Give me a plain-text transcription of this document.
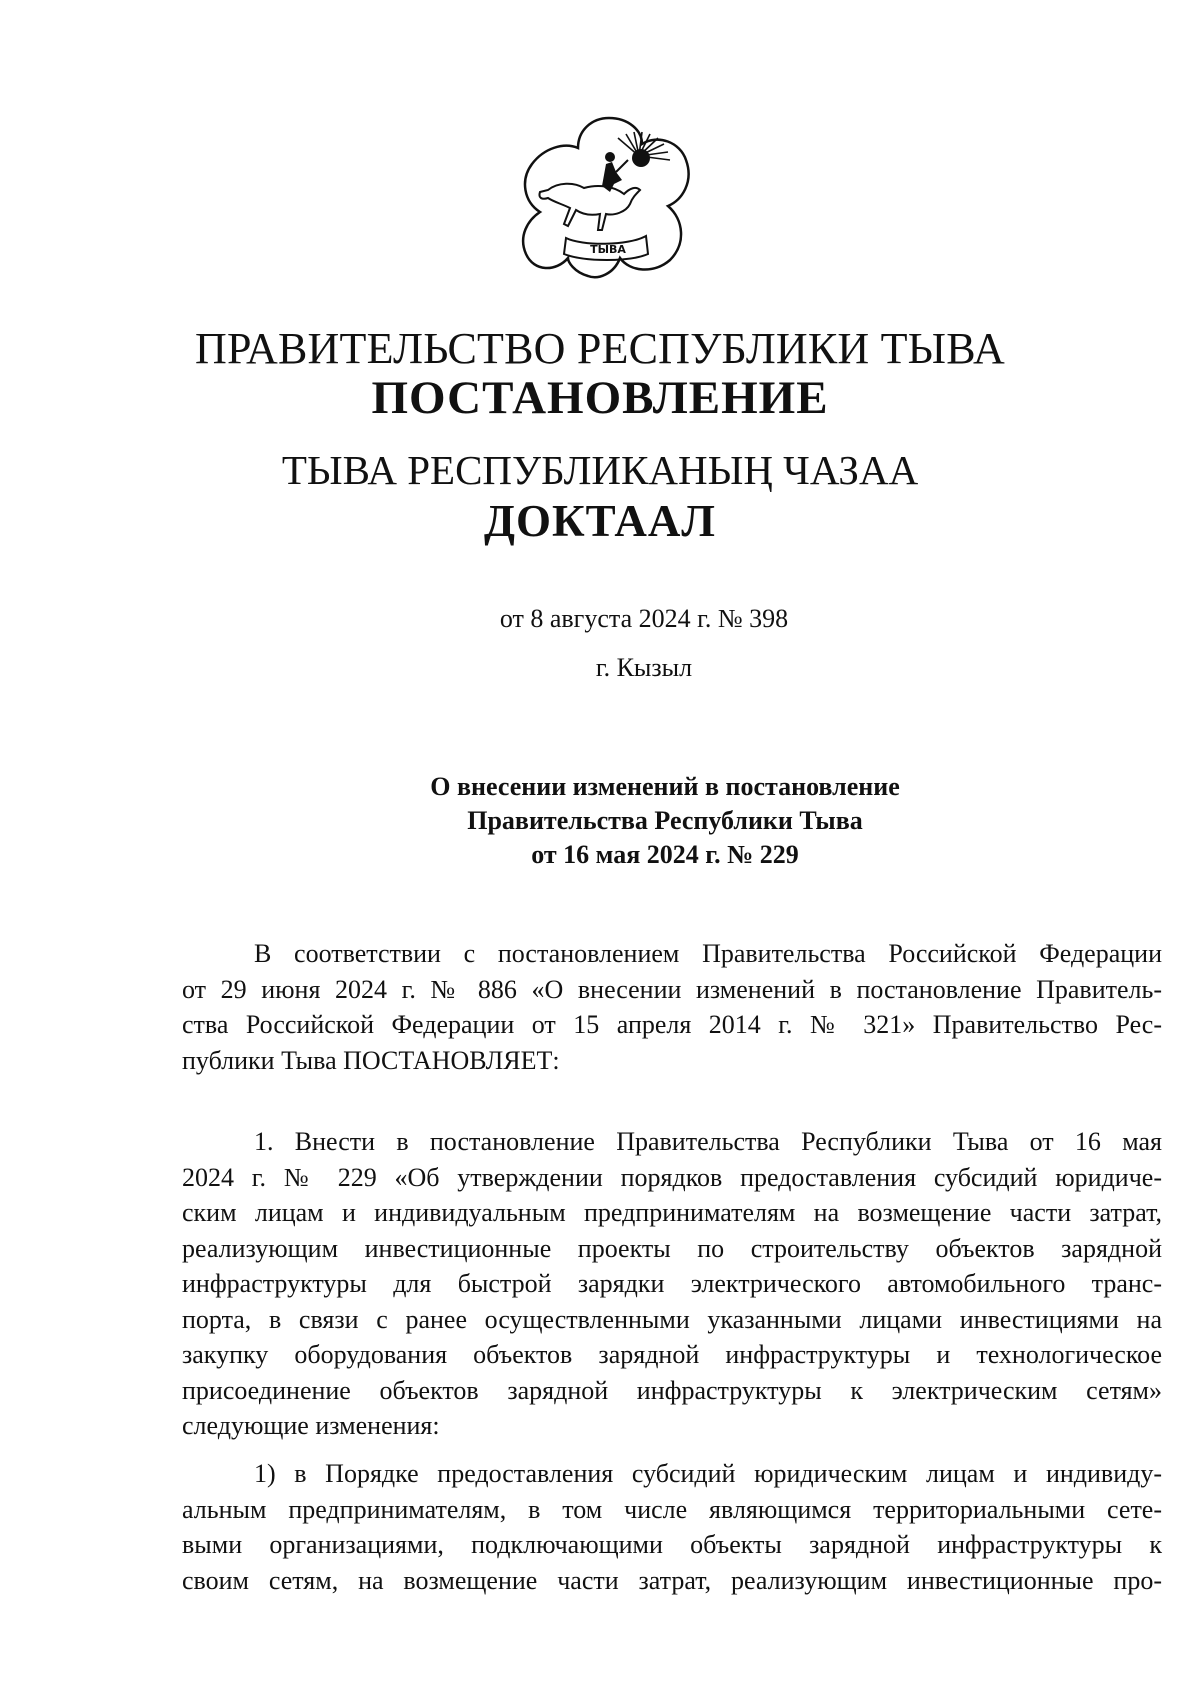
ТЫВА
ПРАВИТЕЛЬСТВО РЕСПУБЛИКИ ТЫВА
ПОСТАНОВЛЕНИЕ
ТЫВА РЕСПУБЛИКАНЫҢ ЧАЗАА
ДОКТААЛ
от 8 августа 2024 г. № 398
г. Кызыл
О внесении изменений в постановление
Правительства Республики Тыва
от 16 мая 2024 г. № 229
В соответствии с постановлением Правительства Российской Федерации
от 29 июня 2024 г. № 886 «О внесении изменений в постановление Правитель-
ства Российской Федерации от 15 апреля 2014 г. № 321» Правительство Рес-
публики Тыва ПОСТАНОВЛЯЕТ:
1. Внести в постановление Правительства Республики Тыва от 16 мая
2024 г. № 229 «Об утверждении порядков предоставления субсидий юридиче-
ским лицам и индивидуальным предпринимателям на возмещение части затрат,
реализующим инвестиционные проекты по строительству объектов зарядной
инфраструктуры для быстрой зарядки электрического автомобильного транс-
порта, в связи с ранее осуществленными указанными лицами инвестициями на
закупку оборудования объектов зарядной инфраструктуры и технологическое
присоединение объектов зарядной инфраструктуры к электрическим сетям»
следующие изменения:
1) в Порядке предоставления субсидий юридическим лицам и индивиду-
альным предпринимателям, в том числе являющимся территориальными сете-
выми организациями, подключающими объекты зарядной инфраструктуры к
своим сетям, на возмещение части затрат, реализующим инвестиционные про-
